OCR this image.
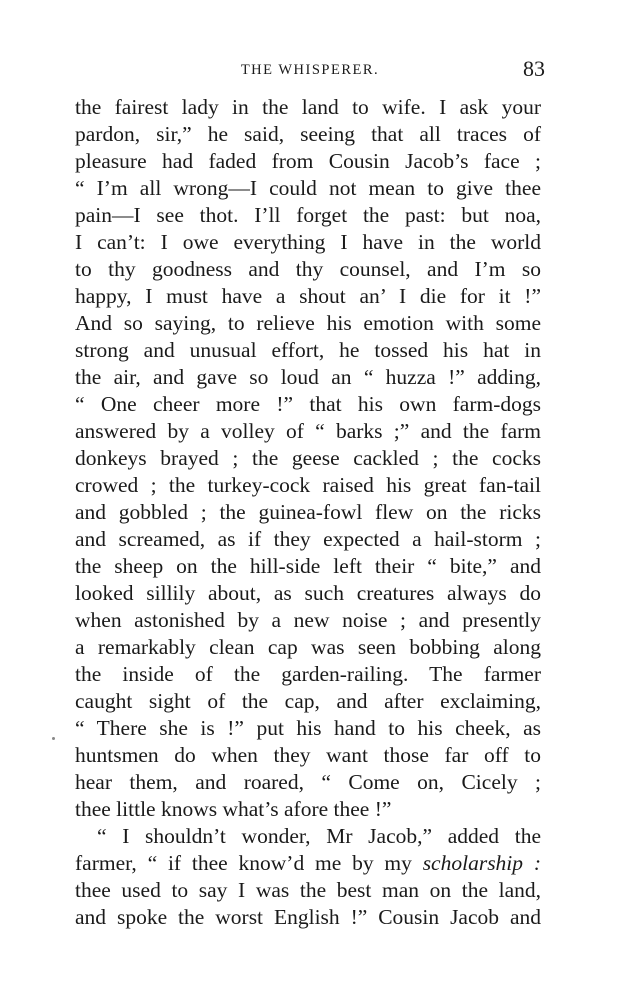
THE WHISPERER.	83
the fairest lady in the land to wife. I ask your
pardon, sir,” he said, seeing that all traces of
pleasure had faded from Cousin Jacob’s face ;
“ I’m all wrong—I could not mean to give thee
pain—I see thot. I’ll forget the past: but noa,
I can’t: I owe everything I have in the world
to thy goodness and thy counsel, and I’m so
happy, I must have a shout an’ I die for it !”
And so saying, to relieve his emotion with some
strong and unusual effort, he tossed his hat in
the air, and gave so loud an “ huzza !” adding,
“ One cheer more !” that his own farm-dogs
answered by a volley of “ barks ;” and the farm
donkeys brayed ; the geese cackled ; the cocks
crowed ; the turkey-cock raised his great fan-tail
and gobbled ; the guinea-fowl flew on the ricks
and screamed, as if they expected a hail-storm ;
the sheep on the hill-side left their “ bite,” and
looked sillily about, as such creatures always do
when astonished by a new noise ; and presently
a remarkably clean cap was seen bobbing along
the inside of the garden-railing. The farmer
caught sight of the cap, and after exclaiming,
“ There she is !” put his hand to his cheek, as
huntsmen do when they want those far off to
hear them, and roared, “ Come on, Cicely ;
thee little knows what’s afore thee !”
“ I shouldn’t wonder, Mr Jacob,” added the
farmer, “ if thee know’d me by my scholarship :
thee used to say I was the best man on the land,
and spoke the worst English !” Cousin Jacob and
